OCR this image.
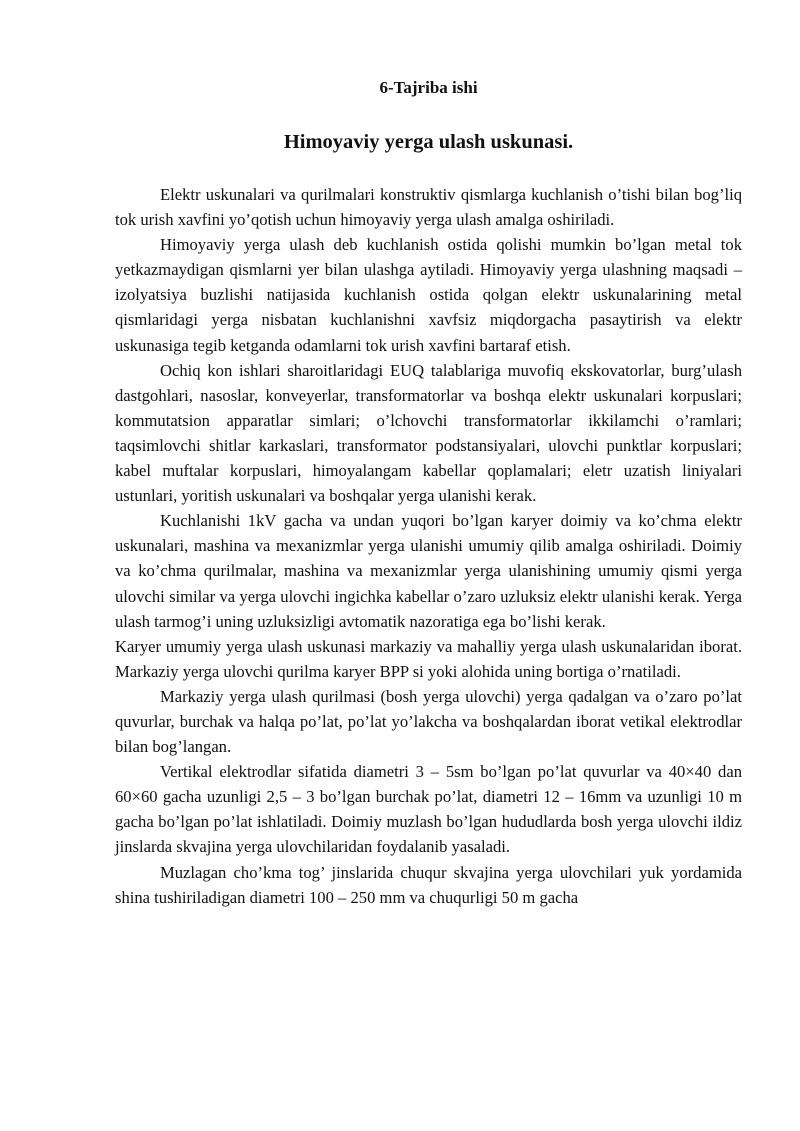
6-Tajriba ishi
Himoyaviy yerga ulash uskunasi.

Elektr uskunalari va qurilmalari konstruktiv qismlarga kuchlanish o’tishi bilan bog’liq tok urish xavfini yo’qotish uchun himoyaviy yerga ulash amalga oshiriladi.

Himoyaviy yerga ulash deb kuchlanish ostida qolishi mumkin bo’lgan metal tok yetkazmaydigan qismlarni yer bilan ulashga aytiladi. Himoyaviy yerga ulashning maqsadi – izolyatsiya buzlishi natijasida kuchlanish ostida qolgan elektr uskunalarining metal qismlaridagi yerga nisbatan kuchlanishni xavfsiz miqdorgacha pasaytirish va elektr uskunasiga tegib ketganda odamlarni tok urish xavfini bartaraf etish.

Ochiq kon ishlari sharoitlaridagi EUQ talablariga muvofiq ekskovatorlar, burg’ulash dastgohlari, nasoslar, konveyerlar, transformatorlar va boshqa elektr uskunalari korpuslari; kommutatsion apparatlar simlari; o’lchovchi transformatorlar ikkilamchi o’ramlari; taqsimlovchi shitlar karkaslari, transformator podstansiyalari, ulovchi punktlar korpuslari; kabel muftalar korpuslari, himoyalangam kabellar qoplamalari; eletr uzatish liniyalari ustunlari, yoritish uskunalari va boshqalar yerga ulanishi kerak.

Kuchlanishi 1kV gacha va undan yuqori bo’lgan karyer doimiy va ko’chma elektr uskunalari, mashina va mexanizmlar yerga ulanishi umumiy qilib amalga oshiriladi. Doimiy va ko’chma qurilmalar, mashina va mexanizmlar yerga ulanishining umumiy qismi yerga ulovchi similar va yerga ulovchi ingichka kabellar o’zaro uzluksiz elektr ulanishi kerak. Yerga ulash tarmog’i uning uzluksizligi avtomatik nazoratiga ega bo’lishi kerak.

Karyer umumiy yerga ulash uskunasi markaziy va mahalliy yerga ulash uskunalaridan iborat. Markaziy yerga ulovchi qurilma karyer BPP si yoki alohida uning bortiga o’rnatiladi.

Markaziy yerga ulash qurilmasi (bosh yerga ulovchi) yerga qadalgan va o’zaro po’lat quvurlar, burchak va halqa po’lat, po’lat yo’lakcha va boshqalardan iborat vetikal elektrodlar bilan bog’langan.

Vertikal elektrodlar sifatida diametri 3 – 5sm bo’lgan po’lat quvurlar va 40×40 dan 60×60 gacha uzunligi 2,5 – 3 bo’lgan burchak po’lat, diametri 12 – 16mm va uzunligi 10 m gacha bo’lgan po’lat ishlatiladi. Doimiy muzlash bo’lgan hududlarda bosh yerga ulovchi ildiz jinslarda skvajina yerga ulovchilaridan foydalanib yasaladi.

Muzlagan cho’kma tog’ jinslarida chuqur skvajina yerga ulovchilari yuk yordamida shina tushiriladigan diametri 100 – 250 mm va chuqurligi 50 m gacha
